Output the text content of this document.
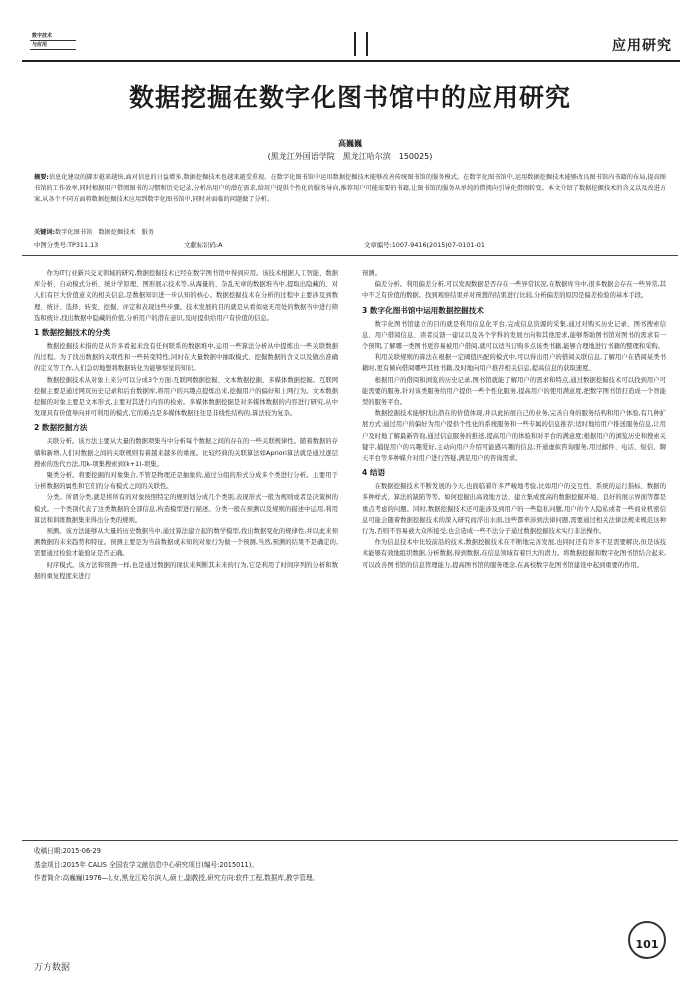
数字技术
与应用	应用研究
数据挖掘在数字化图书馆中的应用研究
高巍巍
(黑龙江外国语学院　黑龙江哈尔滨　150025)
摘要:信息化建设的脚步越来越快,面对信息的日益增多,数据挖掘技术也越来越受重视。在数字化图书馆中运用数据挖掘技术能够改善传统图书馆的服务模式。在数字化图书馆中,运用数据挖掘技术能够改良图书馆内书籍的布局,提高图书馆的工作效率,同时根据用户借阅图书的习惯和历史记录,分析出用户的潜在需求,给用户提供个性化的服务导向,推荐用户可能需要的书籍,让图书馆的服务从单纯的借阅向引导化借阅转变。本文介绍了数据挖掘技术的含义以及改进方案,从各个不同方面将数据挖掘技术应用到数字化图书馆中,同时对面临的问题做了分析。
关键词:数字化图书馆　数据挖掘技术　服务
中图分类号:TP311.13	文献标识码:A	文章编号:1007-9416(2015)07-0101-01

作为IT行业新兴交叉领域的研究,数据挖掘技术已经在数字图书馆中得到应用。该技术根据人工智能、数据库分析、自动模式分析、统计学原理、图形展示技术等,从海量的、杂乱无章的数据堆当中,提取出隐藏的、对人们有巨大价值意义的相关信息,是数据知识进一步认知的核心。数据挖掘技术在分析的过程中主要涉及到数理、统计、选择、转变、挖掘、评定和表现这些步骤。技术发展的目的就是从看似毫无用处的数据当中进行筛选和统计,找出数据中隐藏的价值,分析用户的潜在意识,及时提供给用户有价值的信息。

1 数据挖掘技术的分类

数据挖掘技术指的是从许多看起来没有任何联系的数据堆中,运用一些算法分析从中提炼出一些关联数据的过程。为了找出数据的关联性和一些转变特性,同时在大量数据中抽取模式、挖掘数据的含义以及做出准确的定义等工作,人们急切地想将数据转化为能够察觉的知识。

数据挖掘技术从对象上来分可以分成3个方面:互联网数据挖掘、文本数据挖掘、多媒体数据挖掘。互联网挖掘主要是通过网页历史记录和后台数据库,将用户的兴趣点提炼出来,挖掘用户的偏好和上网行为。文本数据挖掘的对象主要是文本形式,主要对其进行内容的检索。多媒体数据挖掘是对多媒体数据的内容进行研究,从中发现具有价值导向并可利用的模式,它的难点是多媒体数据往往是非线性结构的,算法较为复杂。

2 数据挖掘方法

关联分析。该方法主要从大量的数据项集当中分析每个数据之间的存在的一些关联规律性。随着数据的存储和新增,人们对数据之间的关联规则有着越来越多的重视。比较经典的关联算法如Apriori算法就是通过逐层搜索的迭代方法,用k-项集搜索到(k+1)-项集。

聚类分析。将要挖掘的对象集合,不管是物理还是抽象的,通过分组的形式分成多个类进行分析。主要用于分析数据的属性和它们的分布模式之间的关联性。

分类。所谓分类,就是将所有的对象按照特定的规则划分成几个类别,表现形式一般为规则或者是决策树的模式。一个类别代表了这类数据的全部信息,构造模型进行描述。分类一般在预测以及规则的描述中运用,利用算法和训练数据集来得出分类的规则。

预测。该方法能够从大量的历史数据当中,通过算法建立起的数学模型,找出数据变化的规律性,并以此来预测数据的未来趋势和特征。预测主要是为当前数据或未知的对象行为做一个预测,当然,预测的结果不是确定的,需要通过检验才能验证是否正确。

时序模式。该方法和预测一样,也是通过数据的现状来判断其未来的行为,它是利用了时间序列的分析和数据的重复程度来进行

预测。

偏差分析。利用偏差分析,可以发现数据是否存在一些异常状况,在数据库当中,很多数据会存在一些异常,其中不乏有价值的数据。找到观察结果并对预想的结果进行比较,分析偏差的原因是偏差检验的基本手段。

3 数字化图书馆中运用数据挖掘技术

数字化图书馆建立的目的就是利用信息化平台,完成信息资源的采集,通过对购买历史记录、图书搜索信息、用户借阅信息、读者反馈一建议以及各个学科的发展方向和其他需求,能够帮助图书馆对图书的需求有一个预期,了解哪一类图书更容易被用户借阅,就可以适当订购多点该类书籍,能够合理地进行书籍的整理和采购。

利用关联规则的算法在根据一定阈值匹配的模式中,可以得出用户的借阅关联信息,了解用户在借阅某类书籍时,更有倾向借阅哪些其他书籍,及时地向用户推荐相关信息,提高信息的获取速度。

根据用户的借阅和浏览的历史记录,图书馆就能了解用户的需求和特点,通过数据挖掘技术可以找到用户可能需要的服务,针对该类服务给用户提供一些个性化服务,提高用户的使用满意度,把数字图书馆打造成一个智能型的服务平台。

数据挖掘技术能够找出潜在的价值体现,并以此拓展自己的业务,完善自身的服务结构和用户体验,有几种扩展方式:通过用户的偏好为用户提供个性化的系统服务和一些专属的信息推荐;适时地给用户推送服务信息,让用户及时地了解最新咨询,通过信息服务的推送,提高用户的体验和对平台的满意度;根据用户的浏览历史和搜索关键字,捕捉用户的兴趣爱好,主动向用户介绍可能感兴趣的信息;开通虚拟咨询服务,用过邮件、电话、短信、聊天平台等多种媒介对用户进行答疑,满足用户的咨询需求。

4 结语

在数据挖掘技术不断发展的今天,也面临着许多严峻地考验,比如用户的交互性、系统的运行指标、数据的多种样式、算法的缺陷等等。如何挖掘出高效地方法、建立集成度高的数据挖掘环境、良好的展示界面等都是重点考虑的问题。同时,数据挖掘技术还可能涉及到用户的一些隐私问题,用户的个人隐私或者一些商业机密信息可能会随着数据挖掘技术的深入研究而浮出水面,这些都牵涉到法律问题,需要通过相关法律法规来规范这种行为,否则不容易被大众所接受,也会造成一些不法分子通过数据挖掘技术实行非法操作。

作为信息技术中比较前沿的技术,数据挖掘技术在不断地完善发展,也同时还有许多不足需要解决,但是该技术能够有效地组织数据,分析数据,得到数据,在信息领域有着巨大的潜力。将数据挖掘和数字化图书馆结合起来,可以改善图书馆的信息管理能力,提高图书馆的服务理念,在高校数字化图书馆建设中起到重要的作用。

收稿日期:2015-06-29
基金项目:2015年 CALIS 全国农学文献信息中心研究项目(编号:2015011)。
作者简介:高巍巍(1976—),女,黑龙江哈尔滨人,硕士,副教授,研究方向:软件工程,数据库,教学管理。
101
万方数据
